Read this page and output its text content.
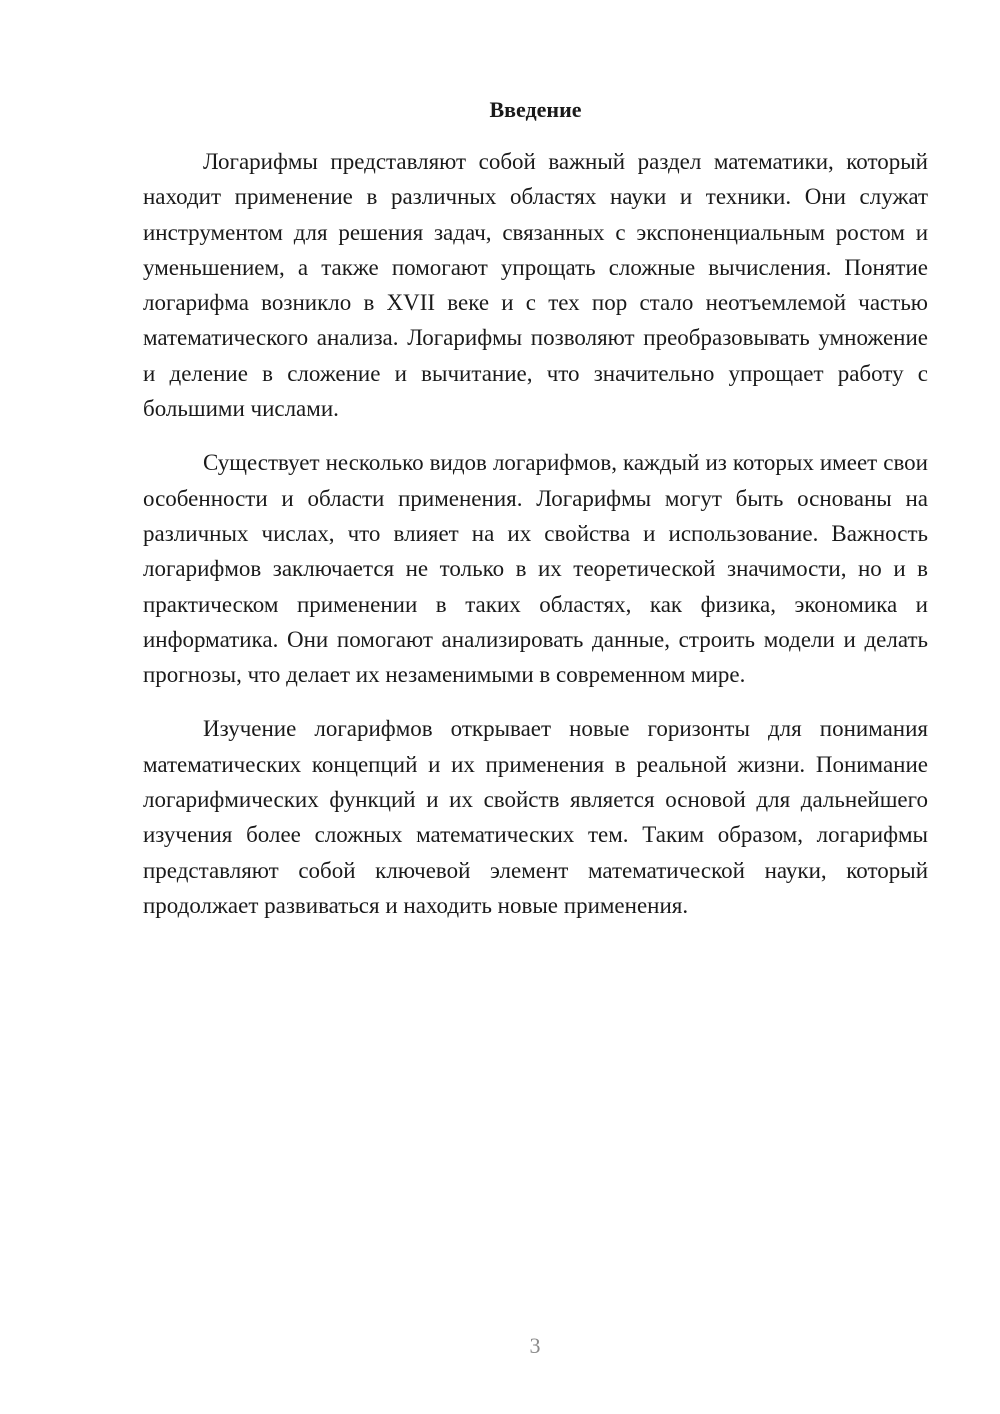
Введение

Логарифмы представляют собой важный раздел математики, который находит применение в различных областях науки и техники. Они служат инструментом для решения задач, связанных с экспоненциальным ростом и уменьшением, а также помогают упрощать сложные вычисления. Понятие логарифма возникло в XVII веке и с тех пор стало неотъемлемой частью математического анализа. Логарифмы позволяют преобразовывать умножение и деление в сложение и вычитание, что значительно упрощает работу с большими числами.

Существует несколько видов логарифмов, каждый из которых имеет свои особенности и области применения. Логарифмы могут быть основаны на различных числах, что влияет на их свойства и использование. Важность логарифмов заключается не только в их теоретической значимости, но и в практическом применении в таких областях, как физика, экономика и информатика. Они помогают анализировать данные, строить модели и делать прогнозы, что делает их незаменимыми в современном мире.

Изучение логарифмов открывает новые горизонты для понимания математических концепций и их применения в реальной жизни. Понимание логарифмических функций и их свойств является основой для дальнейшего изучения более сложных математических тем. Таким образом, логарифмы представляют собой ключевой элемент математической науки, который продолжает развиваться и находить новые применения.

3
